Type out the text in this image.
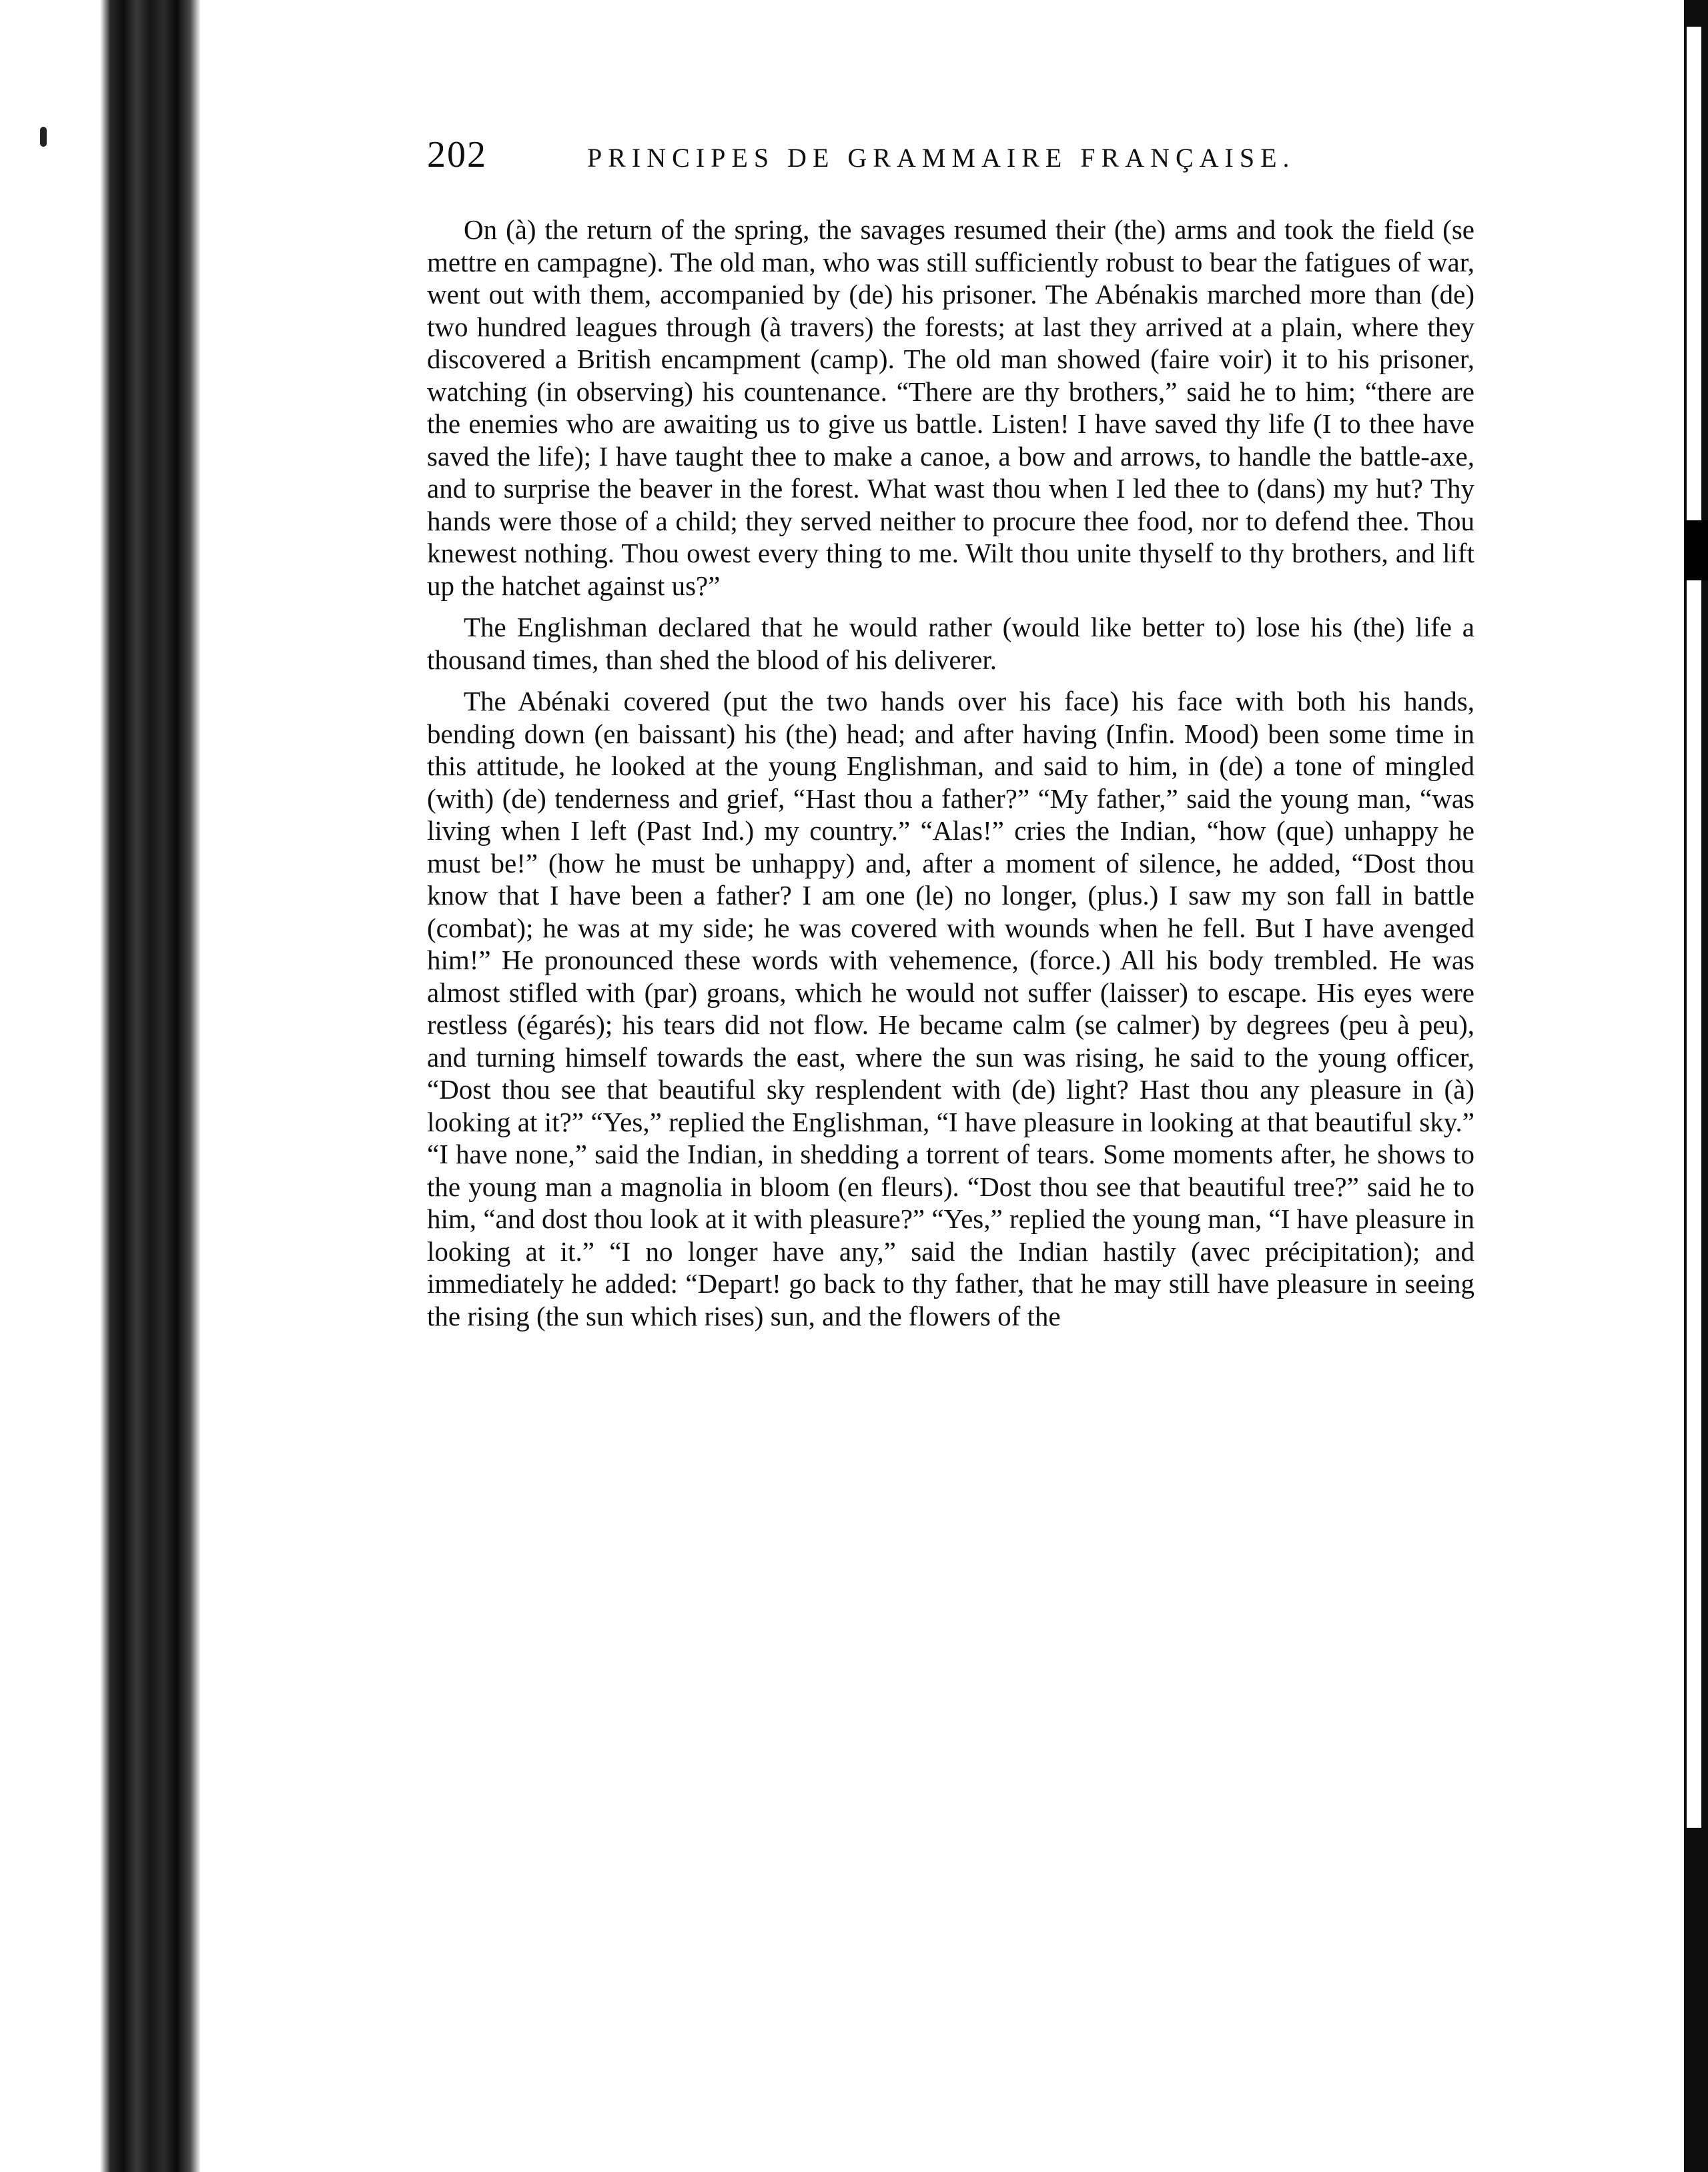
202	PRINCIPES DE GRAMMAIRE FRANÇAISE.

On (à) the return of the spring, the savages resumed their (the) arms and took the field (se mettre en campagne). The old man, who was still sufficiently robust to bear the fatigues of war, went out with them, accompanied by (de) his prisoner. The Abénakis marched more than (de) two hundred leagues through (à travers) the forests; at last they arrived at a plain, where they discovered a British encampment (camp). The old man showed (faire voir) it to his prisoner, watching (in observing) his countenance. “There are thy brothers,” said he to him; “there are the enemies who are awaiting us to give us battle. Listen! I have saved thy life (I to thee have saved the life); I have taught thee to make a canoe, a bow and arrows, to handle the battle-axe, and to surprise the beaver in the forest. What wast thou when I led thee to (dans) my hut? Thy hands were those of a child; they served neither to procure thee food, nor to defend thee. Thou knewest nothing. Thou owest every thing to me. Wilt thou unite thyself to thy brothers, and lift up the hatchet against us?”

The Englishman declared that he would rather (would like better to) lose his (the) life a thousand times, than shed the blood of his deliverer.

The Abénaki covered (put the two hands over his face) his face with both his hands, bending down (en baissant) his (the) head; and after having (Infin. Mood) been some time in this attitude, he looked at the young Englishman, and said to him, in (de) a tone of mingled (with) (de) tenderness and grief, “Hast thou a father?” “My father,” said the young man, “was living when I left (Past Ind.) my country.” “Alas!” cries the Indian, “how (que) unhappy he must be!” (how he must be unhappy) and, after a moment of silence, he added, “Dost thou know that I have been a father? I am one (le) no longer, (plus.) I saw my son fall in battle (combat); he was at my side; he was covered with wounds when he fell. But I have avenged him!” He pronounced these words with vehemence, (force.) All his body trembled. He was almost stifled with (par) groans, which he would not suffer (laisser) to escape. His eyes were restless (égarés); his tears did not flow. He became calm (se calmer) by degrees (peu à peu), and turning himself towards the east, where the sun was rising, he said to the young officer, “Dost thou see that beautiful sky resplendent with (de) light? Hast thou any pleasure in (à) looking at it?” “Yes,” replied the Englishman, “I have pleasure in looking at that beautiful sky.” “I have none,” said the Indian, in shedding a torrent of tears. Some moments after, he shows to the young man a magnolia in bloom (en fleurs). “Dost thou see that beautiful tree?” said he to him, “and dost thou look at it with pleasure?” “Yes,” replied the young man, “I have pleasure in looking at it.” “I no longer have any,” said the Indian hastily (avec précipitation); and immediately he added: “Depart! go back to thy father, that he may still have pleasure in seeing the rising (the sun which rises) sun, and the flowers of the
